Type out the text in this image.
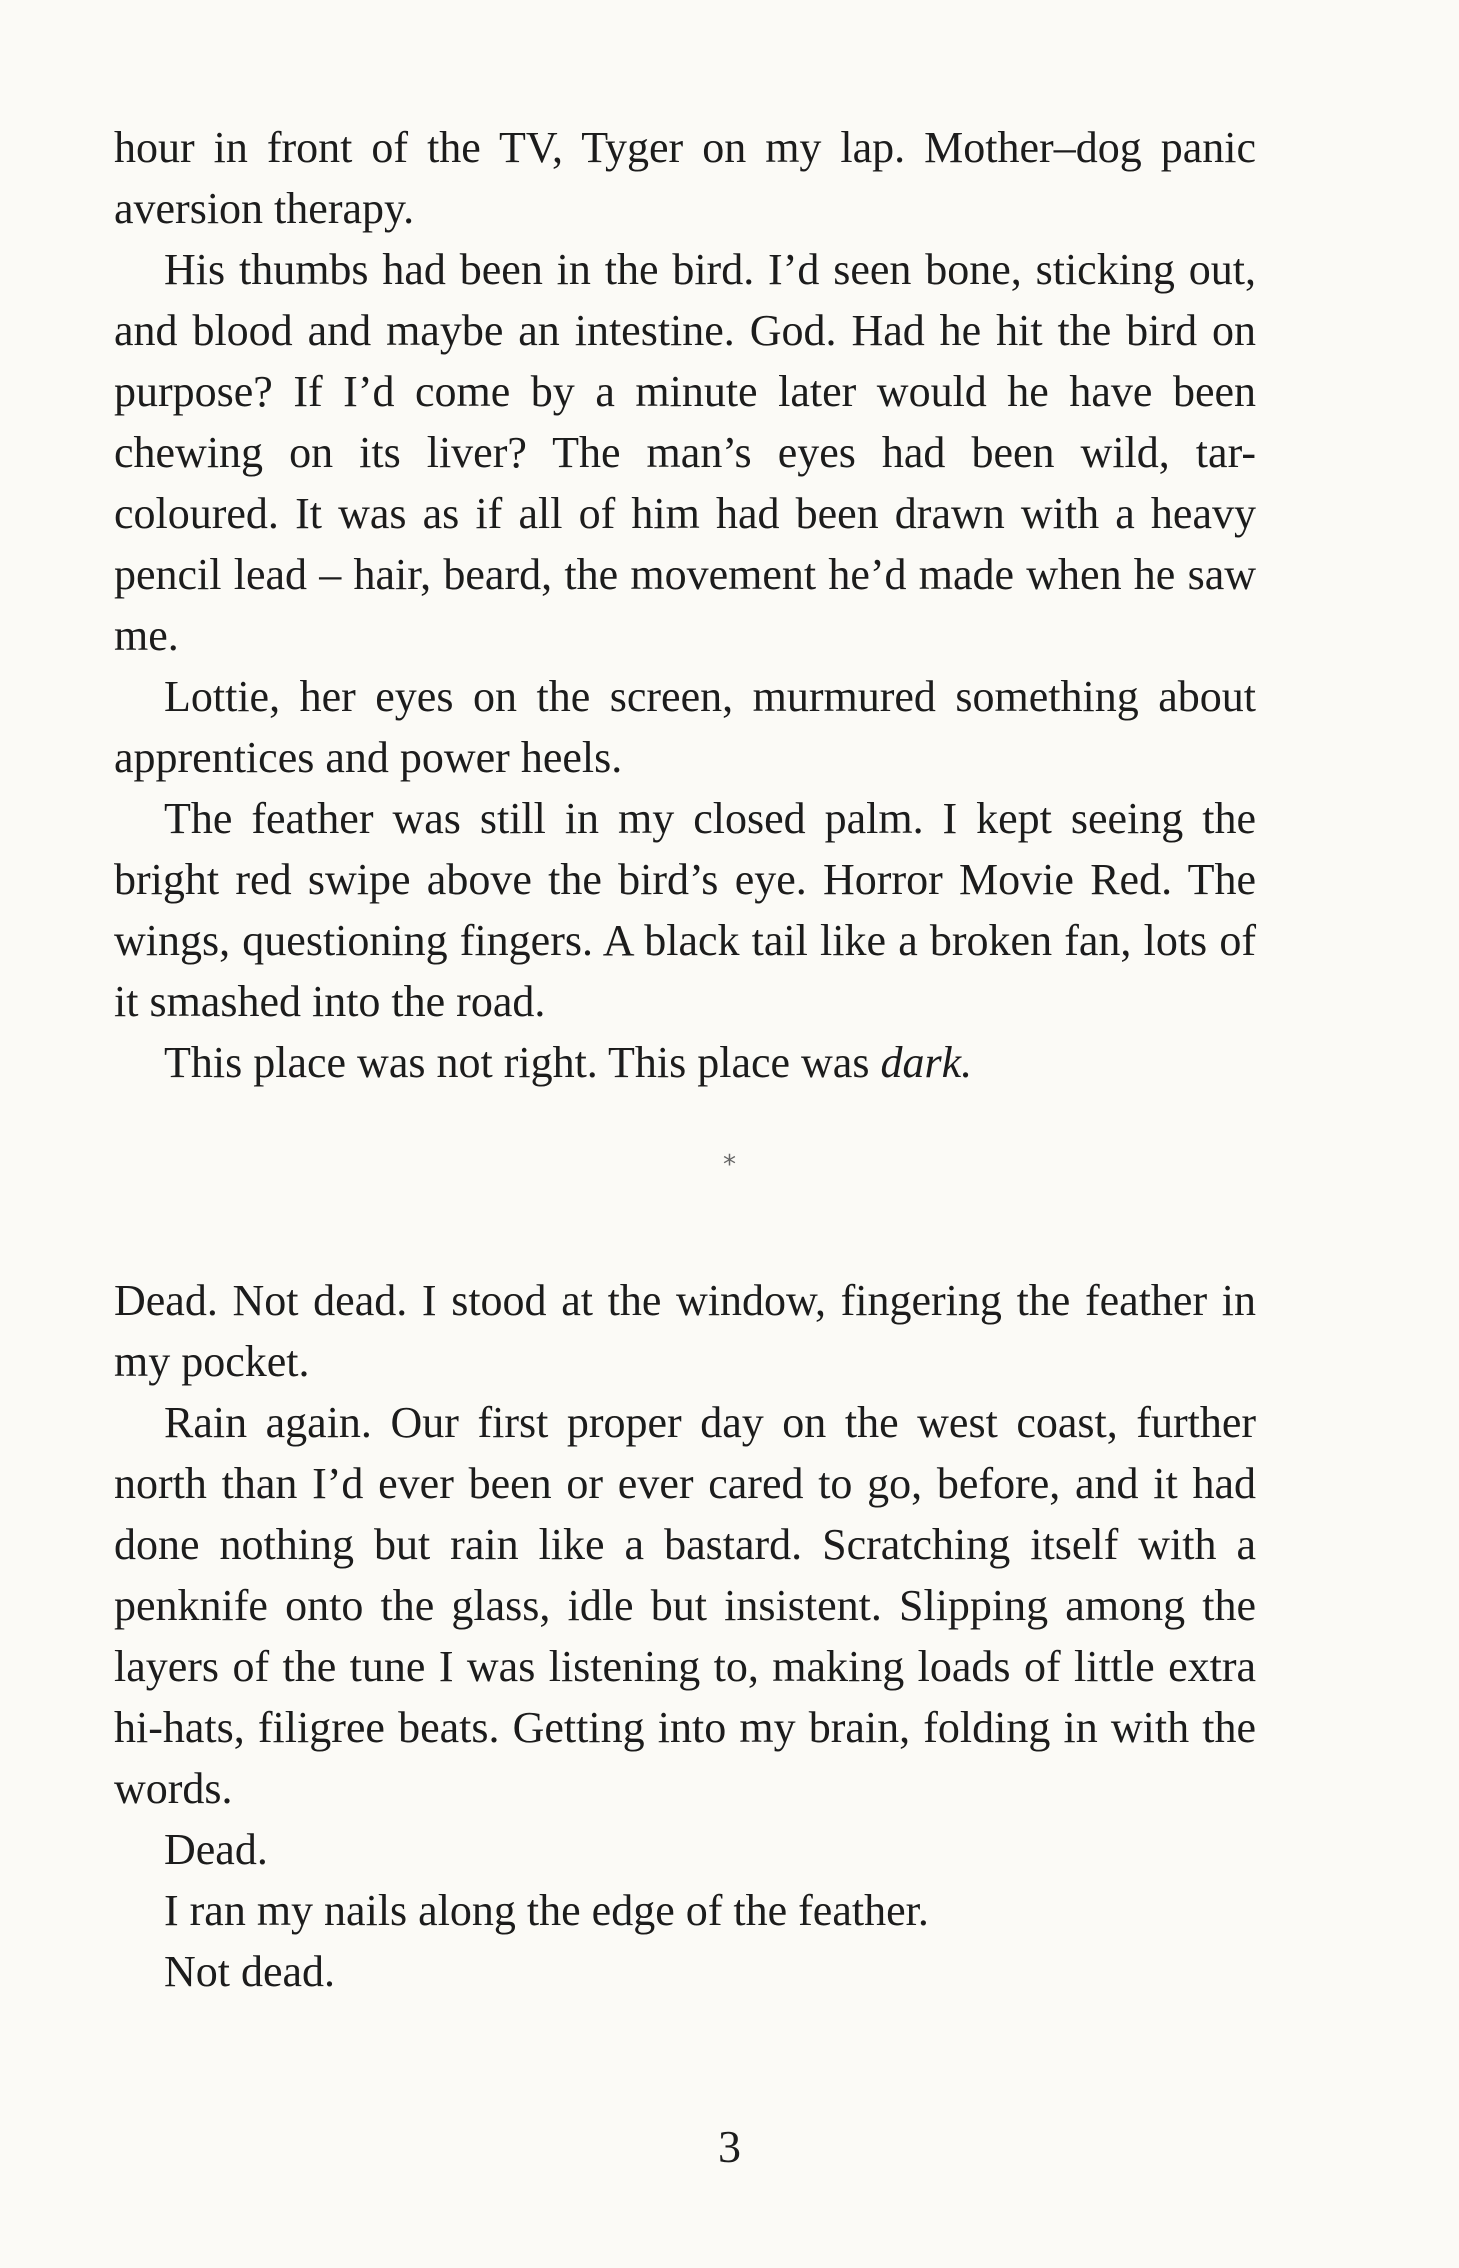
hour in front of the TV, Tyger on my lap. Mother–dog panic aversion therapy.

His thumbs had been in the bird. I’d seen bone, sticking out, and blood and maybe an intestine. God. Had he hit the bird on purpose? If I’d come by a minute later would he have been chewing on its liver? The man’s eyes had been wild, tar-coloured. It was as if all of him had been drawn with a heavy pencil lead – hair, beard, the movement he’d made when he saw me.

Lottie, her eyes on the screen, murmured something about apprentices and power heels.

The feather was still in my closed palm. I kept seeing the bright red swipe above the bird’s eye. Horror Movie Red. The wings, questioning fingers. A black tail like a broken fan, lots of it smashed into the road.

This place was not right. This place was dark.

*

Dead. Not dead. I stood at the window, fingering the feather in my pocket.

Rain again. Our first proper day on the west coast, further north than I’d ever been or ever cared to go, before, and it had done nothing but rain like a bastard. Scratching itself with a penknife onto the glass, idle but insistent. Slipping among the layers of the tune I was listening to, making loads of little extra hi-hats, filigree beats. Getting into my brain, folding in with the words.

Dead.

I ran my nails along the edge of the feather.

Not dead.

3
